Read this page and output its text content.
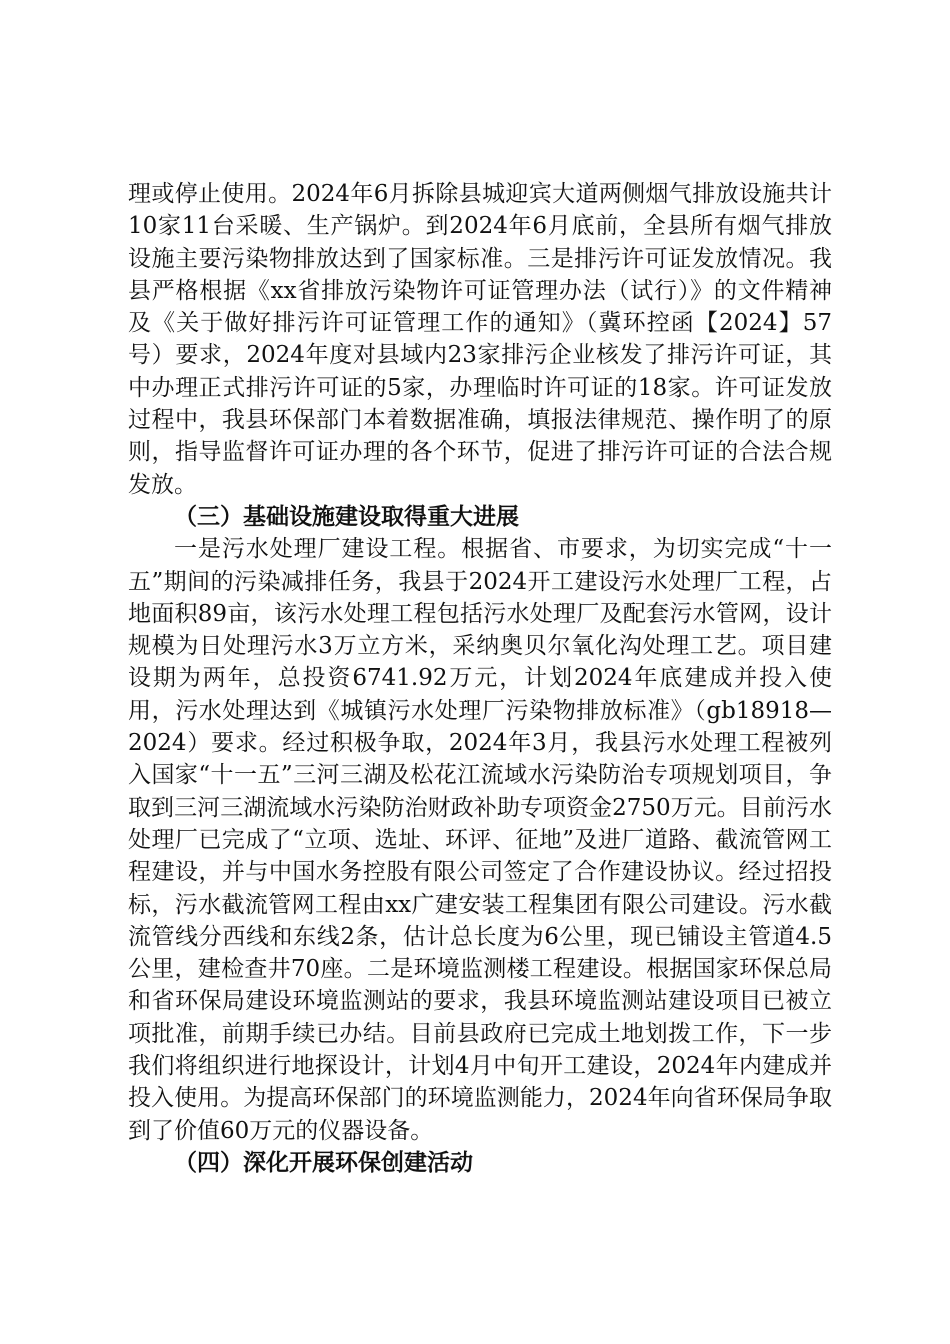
理或停止使用。2024年6月拆除县城迎宾大道两侧烟气排放设施共计10家11台采暖、生产锅炉。到2024年6月底前，全县所有烟气排放设施主要污染物排放达到了国家标准。三是排污许可证发放情况。我县严格根据《xx省排放污染物许可证管理办法（试行）》的文件精神及《关于做好排污许可证管理工作的通知》（冀环控函【2024】57号）要求，2024年度对县域内23家排污企业核发了排污许可证，其中办理正式排污许可证的5家，办理临时许可证的18家。许可证发放过程中，我县环保部门本着数据准确，填报法律规范、操作明了的原则，指导监督许可证办理的各个环节，促进了排污许可证的合法合规发放。

（三）基础设施建设取得重大进展

一是污水处理厂建设工程。根据省、市要求，为切实完成“十一五”期间的污染减排任务，我县于2024开工建设污水处理厂工程，占地面积89亩，该污水处理工程包括污水处理厂及配套污水管网，设计规模为日处理污水3万立方米，采纳奥贝尔氧化沟处理工艺。项目建设期为两年，总投资6741.92万元，计划2024年底建成并投入使用，污水处理达到《城镇污水处理厂污染物排放标准》（gb18918—2024）要求。经过积极争取，2024年3月，我县污水处理工程被列入国家“十一五”三河三湖及松花江流域水污染防治专项规划项目，争取到三河三湖流域水污染防治财政补助专项资金2750万元。目前污水处理厂已完成了“立项、选址、环评、征地”及进厂道路、截流管网工程建设，并与中国水务控股有限公司签定了合作建设协议。经过招投标，污水截流管网工程由xx广建安装工程集团有限公司建设。污水截流管线分西线和东线2条，估计总长度为6公里，现已铺设主管道4.5公里，建检查井70座。二是环境监测楼工程建设。根据国家环保总局和省环保局建设环境监测站的要求，我县环境监测站建设项目已被立项批准，前期手续已办结。目前县政府已完成土地划拨工作，下一步我们将组织进行地探设计，计划4月中旬开工建设，2024年内建成并投入使用。为提高环保部门的环境监测能力，2024年向省环保局争取到了价值60万元的仪器设备。

（四）深化开展环保创建活动
